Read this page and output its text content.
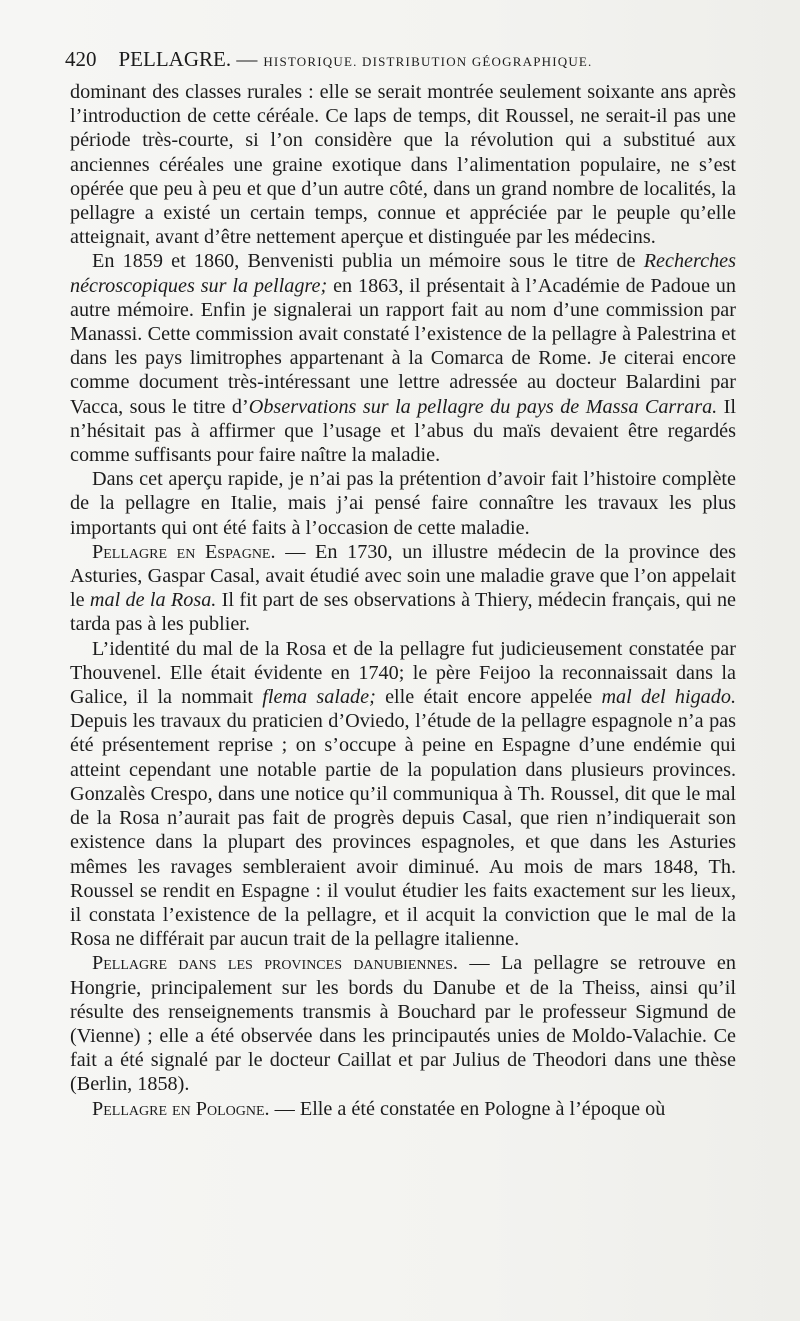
420 PELLAGRE. — HISTORIQUE. DISTRIBUTION GÉOGRAPHIQUE.

dominant des classes rurales : elle se serait montrée seulement soixante ans après l’introduction de cette céréale. Ce laps de temps, dit Roussel, ne serait-il pas une période très-courte, si l’on considère que la révolution qui a substitué aux anciennes céréales une graine exotique dans l’alimentation populaire, ne s’est opérée que peu à peu et que d’un autre côté, dans un grand nombre de localités, la pellagre a existé un certain temps, connue et appréciée par le peuple qu’elle atteignait, avant d’être nettement aperçue et distinguée par les médecins.

En 1859 et 1860, Benvenisti publia un mémoire sous le titre de Recherches nécroscopiques sur la pellagre; en 1863, il présentait à l’Académie de Padoue un autre mémoire. Enfin je signalerai un rapport fait au nom d’une commission par Manassi. Cette commission avait constaté l’existence de la pellagre à Palestrina et dans les pays limitrophes appartenant à la Comarca de Rome. Je citerai encore comme document très-intéressant une lettre adressée au docteur Balardini par Vacca, sous le titre d’Observations sur la pellagre du pays de Massa Carrara. Il n’hésitait pas à affirmer que l’usage et l’abus du maïs devaient être regardés comme suffisants pour faire naître la maladie.

Dans cet aperçu rapide, je n’ai pas la prétention d’avoir fait l’histoire complète de la pellagre en Italie, mais j’ai pensé faire connaître les travaux les plus importants qui ont été faits à l’occasion de cette maladie.

Pellagre en Espagne. — En 1730, un illustre médecin de la province des Asturies, Gaspar Casal, avait étudié avec soin une maladie grave que l’on appelait le mal de la Rosa. Il fit part de ses observations à Thiery, médecin français, qui ne tarda pas à les publier.

L’identité du mal de la Rosa et de la pellagre fut judicieusement constatée par Thouvenel. Elle était évidente en 1740; le père Feijoo la reconnaissait dans la Galice, il la nommait flema salade; elle était encore appelée mal del higado. Depuis les travaux du praticien d’Oviedo, l’étude de la pellagre espagnole n’a pas été présentement reprise ; on s’occupe à peine en Espagne d’une endémie qui atteint cependant une notable partie de la population dans plusieurs provinces. Gonzalès Crespo, dans une notice qu’il communiqua à Th. Roussel, dit que le mal de la Rosa n’aurait pas fait de progrès depuis Casal, que rien n’indiquerait son existence dans la plupart des provinces espagnoles, et que dans les Asturies mêmes les ravages sembleraient avoir diminué. Au mois de mars 1848, Th. Roussel se rendit en Espagne : il voulut étudier les faits exactement sur les lieux, il constata l’existence de la pellagre, et il acquit la conviction que le mal de la Rosa ne différait par aucun trait de la pellagre italienne.

Pellagre dans les provinces danubiennes. — La pellagre se retrouve en Hongrie, principalement sur les bords du Danube et de la Theiss, ainsi qu’il résulte des renseignements transmis à Bouchard par le professeur Sigmund de (Vienne) ; elle a été observée dans les principautés unies de Moldo-Valachie. Ce fait a été signalé par le docteur Caillat et par Julius de Theodori dans une thèse (Berlin, 1858).

Pellagre en Pologne. — Elle a été constatée en Pologne à l’époque où
